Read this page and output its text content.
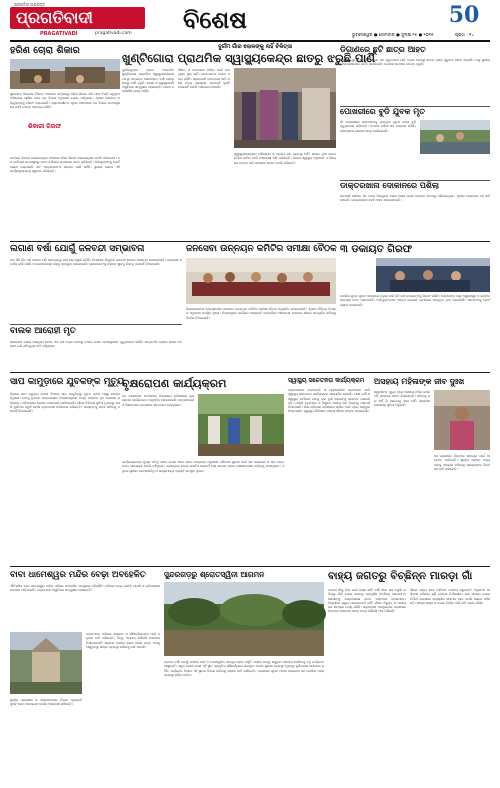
ପ୍ରଗତିର ଅଗ୍ରଦୂତ
ପ୍ରଗତିବାଦୀ
PRAGATIVADI	pragativadi.com ବିଶେଷ	50
ଭୁବନେଶ୍ୱର ● ସୋମବାର ● ଜୁଲାଇ ୨୫ ● ୨୦୧୬	ପୃଷ୍ଠା : ୧୪
ହରିଣ ଚୋରା ଶିକାର
ସୁନ୍ଦରଗଡ଼ ଜିଲ୍ଲାର ବିଭିନ୍ନ ଅଞ୍ଚଳରେ ଜଙ୍ଗଲରୁ ହରିଣ ଶିକାର କରି ମାଂସ ବିକ୍ରି କରୁଥିବା ଅଭିଯୋଗ ଆସିବା ପରେ ବନ ବିଭାଗ ଅଧିକାରୀ ଚଢ଼ାଉ କରିଥିଲେ। ଏଥିରେ କେତେକ ଅଭିଯୁକ୍ତଙ୍କୁ ଗିରଫ କରାଯାଇଛି। ଗ୍ରାମବାସୀଙ୍କ ସୂଚନା ଆଧାରରେ ବନ ବିଭାଗ ଘଟଣାସ୍ଥଳରେ ପହଞ୍ଚି ତଦନ୍ତ ଆରମ୍ଭ କରିଛି।
ଶିକାରୀ ଗିରଫ
ଜଙ୍ଗଲ ଭିତରେ ରଖାଯାଇଥିବା ଫାନ୍ଦରେ ହରିଣ ଶିକାର କରାଯାଉଥିଲା ବୋଲି ଅଭିଯୋଗ। ବନ କର୍ମଚାରୀ ଘଟଣାସ୍ଥଳରୁ ମାଂସ ଓ ଶିକାର ଉପକରଣ ଜବତ କରିଛନ୍ତି। ଅଭିଯୁକ୍ତଙ୍କୁ କୋର୍ଟ ଚାଲାଣ କରାଯାଇଛି ଏବଂ ଅନ୍ୟମାନଙ୍କ ସନ୍ଧାନ ଜାରି ରହିଛି। ସ୍ଥାନୀୟ ଲୋକେ ଏହି କାର୍ଯ୍ୟାନୁଷ୍ଠାନକୁ ସ୍ୱାଗତ କରିଛନ୍ତି।
ଦୁର୍ଗମ ଗାଁର ଲୋକଙ୍କୁ ନାହିଁ ଚିକିତ୍ସା
ଖୁଣ୍ଟିଗୋରା ପ୍ରାଥମିକ ସ୍ୱାସ୍ଥ୍ୟକେନ୍ଦ୍ର ଛାତରୁ ଝରୁଛି ପାଣି
କୁଆଁରମୁଣ୍ଡା ବ୍ଲକ ଅନ୍ତର୍ଗତ ଖୁଣ୍ଟିଗୋରା ପ୍ରାଥମିକ ସ୍ୱାସ୍ଥ୍ୟକେନ୍ଦ୍ରର ଅବସ୍ଥା ଅତ୍ୟନ୍ତ ଶୋଚନୀୟ। ବର୍ଷା ହେଲେ ଛାତରୁ ପାଣି ଝରୁଛି। ରୋଗୀ ଓ ସ୍ୱାସ୍ଥ୍ୟକର୍ମୀ ଅସୁବିଧାର ସମ୍ମୁଖୀନ ହେଉଛନ୍ତି। କୋଠା ଜରାଜୀର୍ଣ୍ଣ ହୋଇ ପଡ଼ିଛି।
ଔଷଧ ଓ ଉପକରଣ ରଖିବା ପାଇଁ ଉପଯୁକ୍ତ ସ୍ଥାନ ନାହିଁ। ଡାକ୍ତରଙ୍କ ଅଭାବ ମଧ୍ୟ ରହିଛି। ଗ୍ରାମବାସୀ ବାରମ୍ବାର ଦାବି କଲେ ମଧ୍ୟ ପ୍ରଶାସନ ଏଥିପ୍ରତି ଦୃଷ୍ଟି ଦେଉନାହିଁ ବୋଲି ଅଭିଯୋଗ ହେଉଛି।
ସ୍ୱାସ୍ଥ୍ୟକେନ୍ଦ୍ରରେ ଶୌଚାଳୟ ଓ ପାନୀୟ ଜଳ ବ୍ୟବସ୍ଥା ନାହିଁ। ଶୀଘ୍ର ନୂଆ କୋଠା ନିର୍ମାଣ କରିବା ପାଇଁ ଅଞ୍ଚଳବାସୀ ଦାବି କରିଛନ୍ତି। ଜିଲ୍ଲା ସ୍ୱାସ୍ଥ୍ୟ ଅଧିକାରୀ ଏ ବିଷୟରେ ତଦନ୍ତ କରି ପଦକ୍ଷେପ ନେବେ ବୋଲି କହିଛନ୍ତି।
ଡିଗାଣରେ ଛୁଟି ଛାତ୍ର ଆହତ
ବିଦ୍ୟାଳୟରୁ ଫେରୁଥିବା ବେଳେ ଏକ ଦ୍ରୁତଗାମୀ ଗାଡ଼ି ଧକ୍କା ଦେବାରୁ ଛାତ୍ର ଜଣକ ଗୁରୁତର ଆହତ ହୋଇଛି। ତାକୁ ସ୍ଥାନୀୟ ଡାକ୍ତରଖାନାରେ ଭର୍ତ୍ତି କରାଯାଇଛି। ପୋଲିସ ଘଟଣାର ତଦନ୍ତ କରୁଛି।
ପୋଖରୀରେ ବୁଡି ଯୁବକ ମୃତ
ଗାଁ ପୋଖରୀରେ ଗାଧୋଇବାକୁ ଯାଇଥିବା ଯୁବକ ଜଣକ ବୁଡ଼ି ମୃତ୍ୟୁବରଣ କରିଛନ୍ତି। ଦମକଳ ବାହିନୀ ଶବ ଉଦ୍ଧାର କରିଛି। ପରିବାରରେ ଶୋକର ଛାୟା ଖେଳିଯାଇଛି।
ଡାକ୍ତରଖାନା ଦୋକାନରେ ପଶିଲା
ଗତକାଲି ରାତିରେ ଏକ ଟ୍ରକ ନିୟନ୍ତ୍ରଣ ହରାଇ ରାସ୍ତା କଡ଼ର ଦୋକାନ ଭିତରକୁ ପଶିଯାଇଥିଲା। ଏଥିରେ ଦୋକାନର ବହୁ କ୍ଷତି ହୋଇଛି। ଭାଗ୍ୟବଶତଃ କେହି ଆହତ ହୋଇନାହାନ୍ତି।
ଲଗାଣ ବର୍ଷା ଯୋଗୁଁ ଜଳବନ୍ଦୀ ସମ୍ଭାବନା
ଗତ କିଛି ଦିନ ଧରି ଲଗାଣ ବର୍ଷା ହେଉଥିବାରୁ ନଦୀ ନାଳ ଉଛୁଳି ଉଠିଛି। ନିମ୍ନାଞ୍ଚଳ ଗାଁଗୁଡ଼ିକ ଜଳବନ୍ଦୀ ହେବାର ଆଶଙ୍କା ଦେଖାଦେଇଛି। ପ୍ରଶାସନ ସତର୍କତା ଜାରି କରିଛି ଓ ଉଦ୍ଧାରକାରୀ ଦଳକୁ ପ୍ରସ୍ତୁତ ରଖାଯାଇଛି। ଲୋକମାନଙ୍କୁ ନିରାପଦ ସ୍ଥାନକୁ ଯିବାକୁ ପରାମର୍ଶ ଦିଆଯାଇଛି।
ଜନସେବା ଉନ୍ନୟନ କମିଟିର ସମୀକ୍ଷା ବୈଠକ
ଜିଲ୍ଲାପାଳଙ୍କ ଅଧ୍ୟକ୍ଷତାରେ ଜନସେବା ଉନ୍ନୟନ କମିଟିର ସମୀକ୍ଷା ବୈଠକ ଅନୁଷ୍ଠିତ ହୋଇଯାଇଛି। ଏଥିରେ ବିଭିନ୍ନ ବିଭାଗର ଅଧିକାରୀ ଉପସ୍ଥିତ ଥିଲେ। ବିକାଶମୂଳକ କାର୍ଯ୍ୟର ଅଗ୍ରଗତି ସମ୍ପର୍କରେ ଆଲୋଚନା କରାଯାଇ ଶୀଘ୍ର ସମ୍ପୂର୍ଣ୍ଣ କରିବାକୁ ନିର୍ଦ୍ଦେଶ ଦିଆଯାଇଛି।
୩ ଡକାୟତ ଗିରଫ
ପୋଲିସ ଗୁପ୍ତ ସୂଚନା ଆଧାରରେ ଚଢ଼ାଉ କରି ତିନି ଜଣ ଡକାୟତଙ୍କୁ ଗିରଫ କରିଛି। ସେମାନଙ୍କ ଠାରୁ ଅସ୍ତ୍ରଶସ୍ତ୍ର ଓ ଲୁଣ୍ଠିତ ସାମଗ୍ରୀ ଜବତ କରାଯାଇଛି। ଅଭିଯୁକ୍ତମାନେ ଅନେକ ଡକାୟତି ଘଟଣାରେ ସମ୍ପୃକ୍ତ ଥିବା ଜଣାପଡ଼ିଛି। ସେମାନଙ୍କୁ କୋର୍ଟ ଚାଲାଣ କରାଯାଇଛି।
ବାଲକ ଆରୋହୀ ମୃତ
ସାଇକେଲ ଚଳାଇ ଯାଉଥିବା ବେଳେ ଏକ ବସ ଧକ୍କା ଦେବାରୁ ବାଲକ ଜଣକ ଘଟଣାସ୍ଥଳରେ ମୃତ୍ୟୁବରଣ କରିଛି। ଉତ୍ତେଜିତ ଲୋକେ ରାସ୍ତା ଅବରୋଧ କରି କ୍ଷତିପୂରଣ ଦାବି କରିଥିଲେ।
ସାପ କାମୁଡ଼ାରେ ଯୁବକଙ୍କ ମୃତ୍ୟୁ
ବିଲରେ କାମ କରୁଥିବା ବେଳେ ବିଷଧର ସାପ କାମୁଡ଼ିବାରୁ ଯୁବକ ଜଣକ ଅସୁସ୍ଥ ହୋଇପଡ଼ିଥିଲେ। ତାଙ୍କୁ ତୁରନ୍ତ ଡାକ୍ତରଖାନା ନିଆଯାଇଥିଲେ ମଧ୍ୟ ଡାକ୍ତର ମୃତ ଘୋଷଣା କରିଥିଲେ। ପରିବାରରେ କୋହର ବାତାବରଣ ଖେଳିଯାଇଛି। ଗାଁରେ ଚିକିତ୍ସା ସୁବିଧା ନଥିବାରୁ ଏଭଳି ଦୁର୍ଘଟଣା ଘଟୁଛି ବୋଲି ଗ୍ରାମବାସୀ ଅଭିଯୋଗ କରିଛନ୍ତି। ସମସ୍ତଙ୍କୁ ସତର୍କ ରହିବାକୁ ପରାମର୍ଶ ଦିଆଯାଇଛି।
ବୃକ୍ଷରୋପଣ କାର୍ଯ୍ୟକ୍ରମ
ବନ ମହୋତ୍ସବ ଅବସରରେ ବିଦ୍ୟାଳୟ ପରିସରରେ ବୃକ୍ଷରୋପଣ କାର୍ଯ୍ୟକ୍ରମ ଅନୁଷ୍ଠିତ ହୋଇଯାଇଛି। ଛାତ୍ରଛାତ୍ରୀ ଓ ଶିକ୍ଷକମାନେ ଉତ୍ସାହର ସହ ଯୋଗ ଦେଇଥିଲେ।
କାର୍ଯ୍ୟକ୍ରମରେ ମୁଖ୍ୟ ଅତିଥି ଭାବେ ଯୋଗ ଦେଇ ବ୍ଲକ ଉନ୍ନୟନ ଅଧିକାରୀ ପରିବେଶ ସୁରକ୍ଷା ପାଇଁ ଗଛ ଲଗାଇବା ଓ ତାର ଯତ୍ନ ନେବା ଆବଶ୍ୟକ ବୋଲି କହିଥିଲେ। ପ୍ରତ୍ୟେକ ଛାତ୍ର ଗୋଟିଏ ଲେଖାଏଁ ଚାରା ଲଗାଇ ତାହାର ରକ୍ଷଣାବେକ୍ଷଣ ଦାୟିତ୍ୱ ନେଇଥିଲେ। ଏଥିରେ ସ୍ଥାନୀୟ ଜନପ୍ରତିନିଧି ଓ ଗଣ୍ୟମାନ୍ୟ ବ୍ୟକ୍ତି ଉପସ୍ଥିତ ଥିଲେ।
ସ୍ୱାସ୍ଥ୍ୟ ସଚେତନତା କାର୍ଯ୍ୟକ୍ରମ
ଗ୍ରାମାଞ୍ଚଳରେ ଝାଡ଼ାବାନ୍ତି ଓ ମ୍ୟାଲେରିଆ ପ୍ରତିରୋଧ ପାଇଁ ସ୍ୱାସ୍ଥ୍ୟ ସଚେତନତା କାର୍ଯ୍ୟକ୍ରମ ଆୟୋଜିତ ହୋଇଛି। ଆଶା କର୍ମୀ ଓ ସ୍ୱାସ୍ଥ୍ୟ କର୍ମଚାରୀ ଘରକୁ ଘର ବୁଲି ଲୋକଙ୍କୁ ସଚେତନ କରାଉଛନ୍ତି। ମଶାରି ବ୍ୟବହାର ଓ ବିଶୁଦ୍ଧ ପାନୀୟ ଜଳ ପିଇବାକୁ ପରାମର୍ଶ ଦିଆଯାଉଛି। ଗାଁର ଚାରିପାଖ ପରିଷ୍କାର ରଖିବା ପାଇଁ ମଧ୍ୟ ଆହ୍ୱାନ ଦିଆଯାଇଛି। ସ୍ୱାସ୍ଥ୍ୟ ଶିବିରରେ ମାଗଣା ଔଷଧ ବଣ୍ଟନ କରାଯାଇଛି।
ଅସହାୟ ମହିଳାଙ୍କ ଜୀବ ଦୁଃଖ
ସ୍ୱାମୀଙ୍କ ମୃତ୍ୟୁ ପରେ ଅସହାୟ ମହିଳା ଜଣକ ଅତି କଷ୍ଟରେ ଜୀବନ ବିତାଉଛନ୍ତି। ରହିବାକୁ ଘର ନାହିଁ କି ଖାଇବାକୁ ଦାନା ନାହିଁ। ସରକାରୀ ଯୋଜନାର ସୁବିଧା ମିଳୁନାହିଁ।
ସେ ପ୍ରଶାସନ ନିକଟରେ ସାହାଯ୍ୟ ପାଇଁ ଆବେଦନ କରିଛନ୍ତି। ସ୍ଥାନୀୟ ଲୋକେ ମଧ୍ୟ ତାଙ୍କୁ ସହାୟତା କରିବାକୁ ସରକାରଙ୍କ ନିକଟରେ ଦାବି କରିଛନ୍ତି।
ବାବା ଧାମେଶ୍ୱର ମନ୍ଦିର ବେଢ଼ା ଅବହେଳିତ
ଐତିହାସିକ ବାବା ଧାମେଶ୍ୱର ମନ୍ଦିର ପରିସର ଅବହେଳିତ ଅବସ୍ଥାରେ ପଡ଼ିରହିଛି। ମନ୍ଦିରର ବେଢ଼ା ଭାଙ୍ଗି ଯାଇଛି ଓ ଚାରିପାଖରେ ଜଙ୍ଗଲ ମାଡ଼ିଯାଇଛି। ଭକ୍ତମାନେ ଅସୁବିଧାର ସମ୍ମୁଖୀନ ହେଉଛନ୍ତି।
ଭକ୍ତମାନେ ମନ୍ଦିରର ସଂସ୍କାର ଓ ସୌନ୍ଦର୍ଯ୍ୟକରଣ ପାଇଁ ବହୁବାର ଦାବି କରିଛନ୍ତି। କିନ୍ତୁ ଏଯାବତ୍ କୌଣସି ପଦକ୍ଷେପ ନିଆଯାଇନାହିଁ। ଶ୍ରାବଣ ମାସରେ ହଜାର ହଜାର ଭକ୍ତ ଏଠାକୁ ଆସୁଥିବାରୁ ଶୀଘ୍ର ବ୍ୟବସ୍ଥା କରିବାକୁ ଦାବି ହେଉଛି।
ସ୍ଥାନୀୟ ପ୍ରଶାସନ ଓ ଏଣ୍ଡୋମେଣ୍ଟ ବିଭାଗ ଏଥିପ୍ରତି ଦୃଷ୍ଟି ଦେବା ଆବଶ୍ୟକ ବୋଲି ଅଞ୍ଚଳବାସୀ କହିଛନ୍ତି।
ସୁନ୍ଦରଗଡ଼ରୁ ଶ୍ରୋତସ୍ୱିନୀ ଆଗମନ
ପ୍ରବଳ ବର୍ଷା ଯୋଗୁଁ ଅଞ୍ଚଳର ନଦୀ ଓ ଝରଣାଗୁଡ଼ିକ ଭରପୂର ହୋଇ ବହୁଛି। ପାହାଡ଼ ଉପରୁ ଖସୁଥିବା ଜଳଧାରା ଦେଖିବାକୁ ବହୁ ପର୍ଯ୍ୟଟକ ଆସୁଛନ୍ତି। ସବୁଜ ବନାନୀ ଘେରା ଏହି ସ୍ଥାନ ପ୍ରାକୃତିକ ସୌନ୍ଦର୍ଯ୍ୟରେ ଭରପୂର। ତେବେ ସୁରକ୍ଷା ବ୍ୟବସ୍ଥା ନଥିବାରୁ ଦୁର୍ଘଟଣାର ଆଶଙ୍କା ରହିଛି। ପର୍ଯ୍ୟଟନ ବିଭାଗ ଏହି ସ୍ଥାନର ବିକାଶ କରିବାକୁ ଲୋକେ ଦାବି କରିଛନ୍ତି। ପ୍ରଶାସନ ସୂଚନା ଫଳକ ଲଗାଇବା ସହ ପୋଲିସ ପହରା ବ୍ୟବସ୍ଥା କରିବା ଉଚିତ।
ବାହ୍ୟ ଜଗତରୁ ବିଚ୍ଛିନ୍ନ ମାରଡ଼ା ଗାଁ
ମାରଡ଼ା ଗାଁକୁ ଯିବା ପାଇଁ ରାସ୍ତା ନାହିଁ। ବର୍ଷା ଦିନେ ନାଳ ଉଛୁଳି ଉଠିବାରୁ ଗାଁଟି ବାହ୍ୟ ଜଗତରୁ ସମ୍ପୂର୍ଣ୍ଣ ବିଚ୍ଛିନ୍ନ ହୋଇଯାଏ। ରୋଗୀଙ୍କୁ ଡାକ୍ତରଖାନା ନେବା କଷ୍ଟକର ହୋଇପଡ଼େ। ପିଲାମାନେ ସ୍କୁଲ ଯାଇପାରନ୍ତି ନାହିଁ। ଗାଁରେ ବିଦ୍ୟୁତ୍ ଓ ପାନୀୟ ଜଳ ସମସ୍ୟା ମଧ୍ୟ ରହିଛି। ଗ୍ରାମବାସୀ ଏକାଧିକବାର ପ୍ରଶାସନ ନିକଟରେ ଆବେଦନ କଲେ ମଧ୍ୟ କୌଣସି ଫଳ ମିଳିନାହିଁ।
ଗାଁରେ ପ୍ରାୟ ଶହେ ପରିବାର ବସବାସ କରୁଛନ୍ତି। ଅଧିକାଂଶ ଆଦିବାସୀ ପରିବାର କୃଷି ଉପରେ ନିର୍ଭରଶୀଳ। ନାଳ ଉପରେ ପୋଲ ନିର୍ମାଣ କରାଗଲେ ସମସ୍ୟାର ସମାଧାନ ହେବ ବୋଲି ଲୋକେ କହିଛନ୍ତି। ଶୀଘ୍ର ରାସ୍ତା ଓ ପୋଲ ନିର୍ମାଣ ପାଇଁ ଦାବି ଜୋର ଧରିଛି।
